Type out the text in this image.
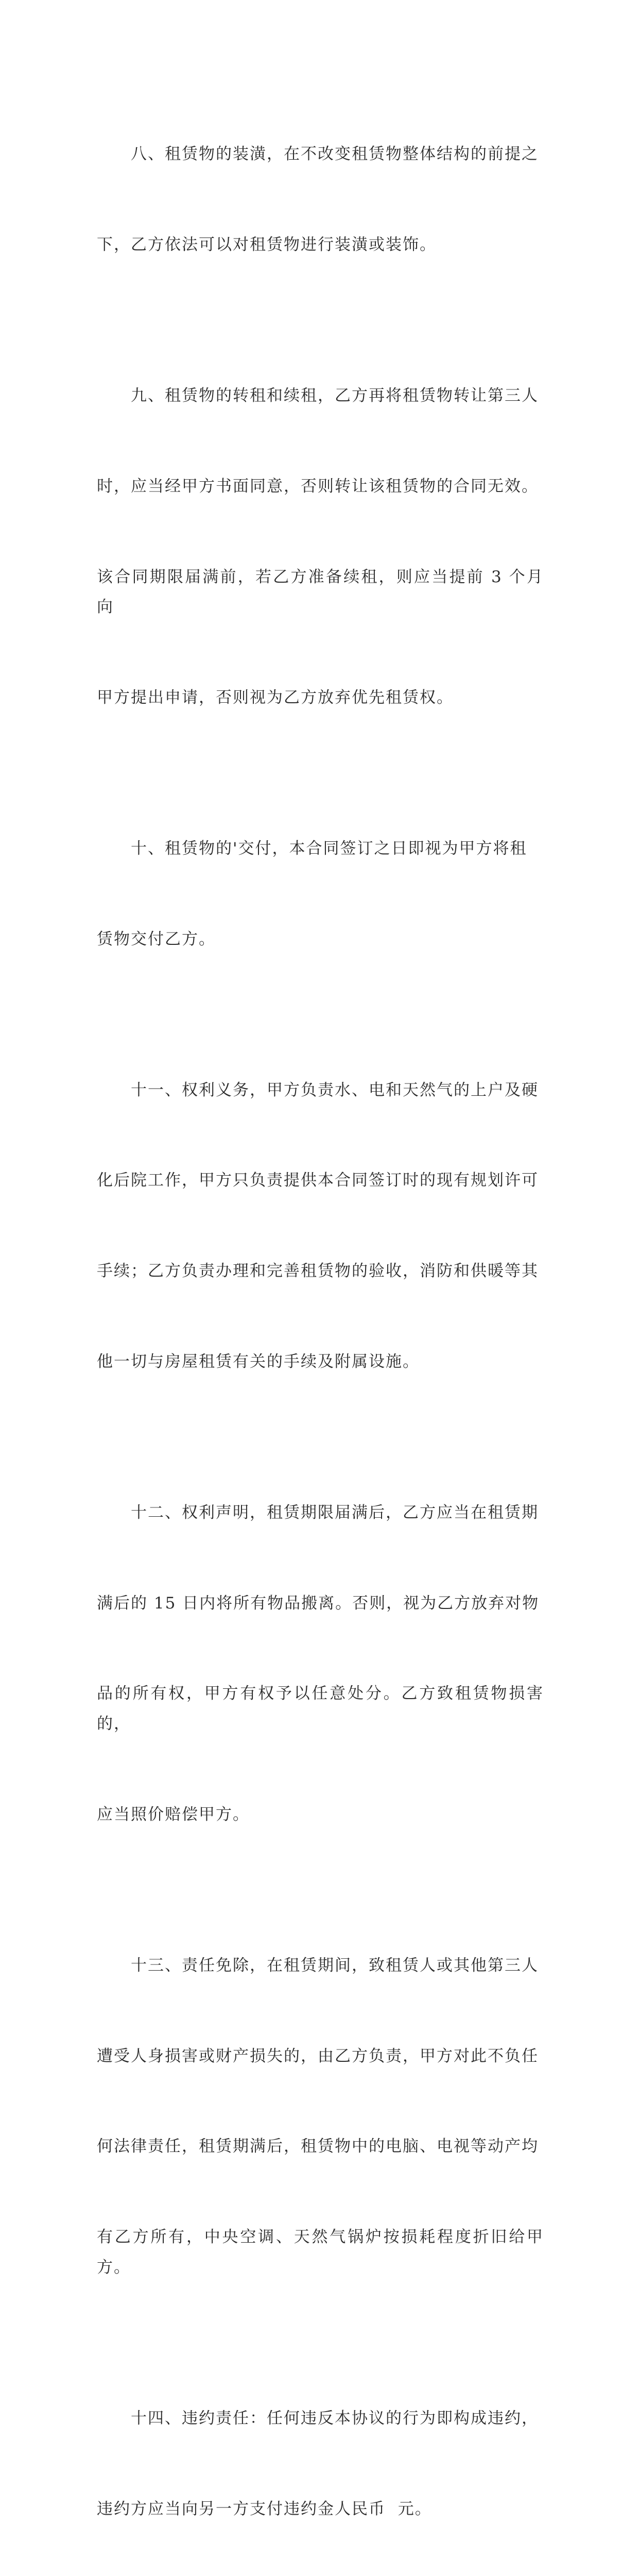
八、租赁物的装潢，在不改变租赁物整体结构的前提之

下，乙方依法可以对租赁物进行装潢或装饰。

九、租赁物的转租和续租，乙方再将租赁物转让第三人

时，应当经甲方书面同意，否则转让该租赁物的合同无效。

该合同期限届满前，若乙方准备续租，则应当提前 3 个月向

甲方提出申请，否则视为乙方放弃优先租赁权。

十、租赁物的'交付，本合同签订之日即视为甲方将租

赁物交付乙方。

十一、权利义务，甲方负责水、电和天然气的上户及硬

化后院工作，甲方只负责提供本合同签订时的现有规划许可

手续；乙方负责办理和完善租赁物的验收，消防和供暖等其

他一切与房屋租赁有关的手续及附属设施。

十二、权利声明，租赁期限届满后，乙方应当在租赁期

满后的 15 日内将所有物品搬离。否则，视为乙方放弃对物

品的所有权，甲方有权予以任意处分。乙方致租赁物损害的，

应当照价赔偿甲方。

十三、责任免除，在租赁期间，致租赁人或其他第三人

遭受人身损害或财产损失的，由乙方负责，甲方对此不负任

何法律责任，租赁期满后，租赁物中的电脑、电视等动产均

有乙方所有，中央空调、天然气锅炉按损耗程度折旧给甲方。

十四、违约责任：任何违反本协议的行为即构成违约，

违约方应当向另一方支付违约金人民币  元。
